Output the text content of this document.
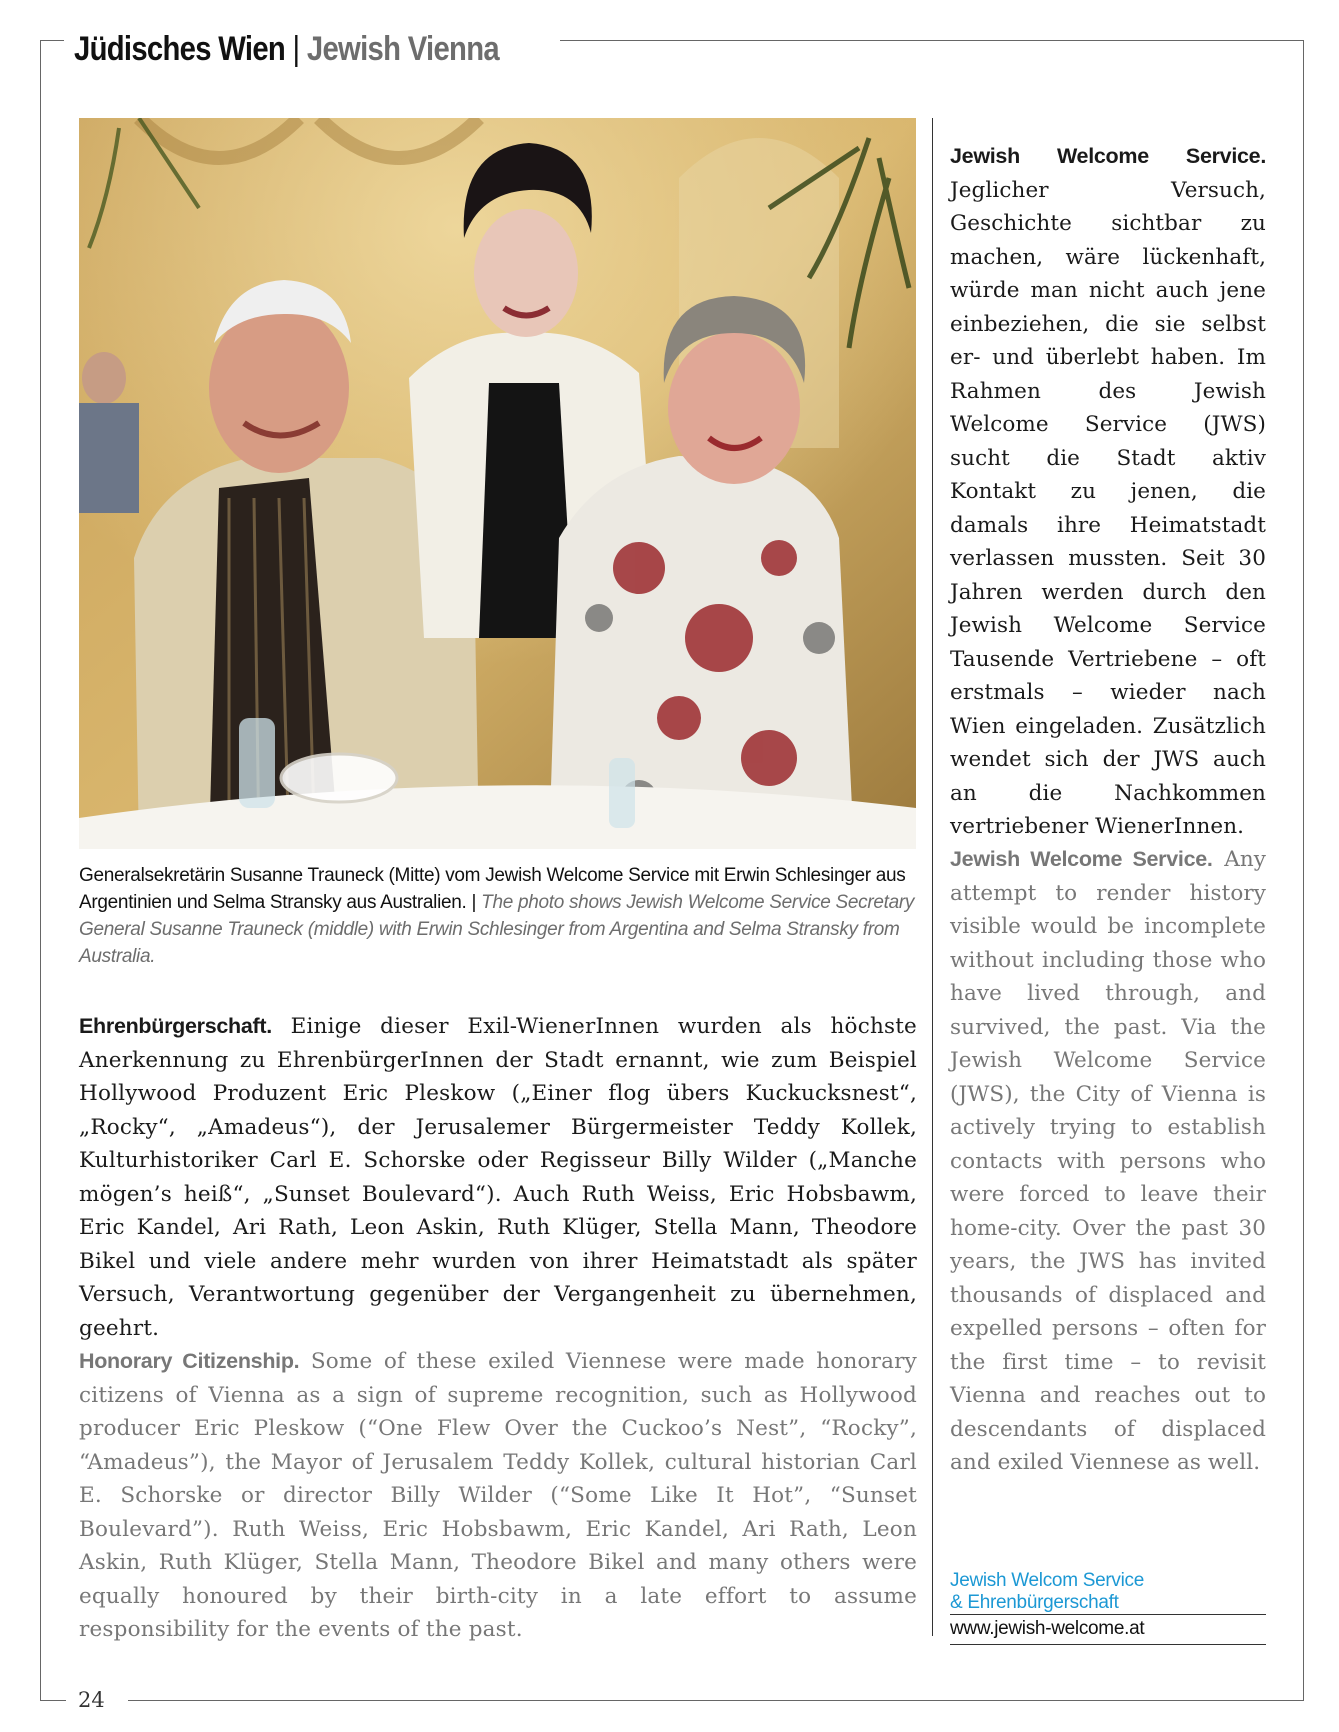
Jüdisches Wien | Jewish Vienna
Generalsekretärin Susanne Trauneck (Mitte) vom Jewish Welcome Service mit Erwin Schlesinger aus Argentinien und Selma Stransky aus Australien. | The photo shows Jewish Welcome Service Secretary General Susanne Trauneck (middle) with Erwin Schlesinger from Argentina and Selma Stransky from Australia.
Ehrenbürgerschaft. Einige dieser Exil-WienerInnen wurden als höchste Anerkennung zu EhrenbürgerInnen der Stadt ernannt, wie zum Beispiel Hollywood Produzent Eric Pleskow („Einer flog übers Kuckucksnest“, „Rocky“, „Amadeus“), der Jerusalemer Bürgermeister Teddy Kollek, Kulturhistoriker Carl E. Schorske oder Regisseur Billy Wilder („Manche mögen’s heiß“, „Sunset Boulevard“). Auch Ruth Weiss, Eric Hobsbawm, Eric Kandel, Ari Rath, Leon Askin, Ruth Klüger, Stella Mann, Theodore Bikel und viele andere mehr wurden von ihrer Heimatstadt als später Versuch, Verantwortung gegenüber der Vergangenheit zu übernehmen, geehrt.
Honorary Citizenship. Some of these exiled Viennese were made honorary citizens of Vienna as a sign of supreme recognition, such as Hollywood producer Eric Pleskow (“One Flew Over the Cuckoo’s Nest”, “Rocky”, “Amadeus”), the Mayor of Jerusalem Teddy Kollek, cultural historian Carl E. Schorske or director Billy Wilder (“Some Like It Hot”, “Sunset Boulevard”). Ruth Weiss, Eric Hobsbawm, Eric Kandel, Ari Rath, Leon Askin, Ruth Klüger, Stella Mann, Theodore Bikel and many others were equally honoured by their birth-city in a late effort to assume responsibility for the events of the past.
Jewish Welcome Service. Jeglicher Versuch, Geschichte sichtbar zu machen, wäre lückenhaft, würde man nicht auch jene einbeziehen, die sie selbst er- und überlebt haben. Im Rahmen des Jewish Welcome Service (JWS) sucht die Stadt aktiv Kontakt zu jenen, die damals ihre Heimatstadt verlassen mussten. Seit 30 Jahren werden durch den Jewish Welcome Service Tausende Vertriebene – oft erstmals – wieder nach Wien eingeladen. Zusätzlich wendet sich der JWS auch an die Nachkommen vertriebener WienerInnen.
Jewish Welcome Service. Any attempt to render history visible would be incomplete without including those who have lived through, and survived, the past. Via the Jewish Welcome Service (JWS), the City of Vienna is actively trying to establish contacts with persons who were forced to leave their home-city. Over the past 30 years, the JWS has invited thousands of displaced and expelled persons – often for the first time – to revisit Vienna and reaches out to descendants of displaced and exiled Viennese as well.
Jewish Welcom Service
& Ehrenbürgerschaft
www.jewish-welcome.at
24
